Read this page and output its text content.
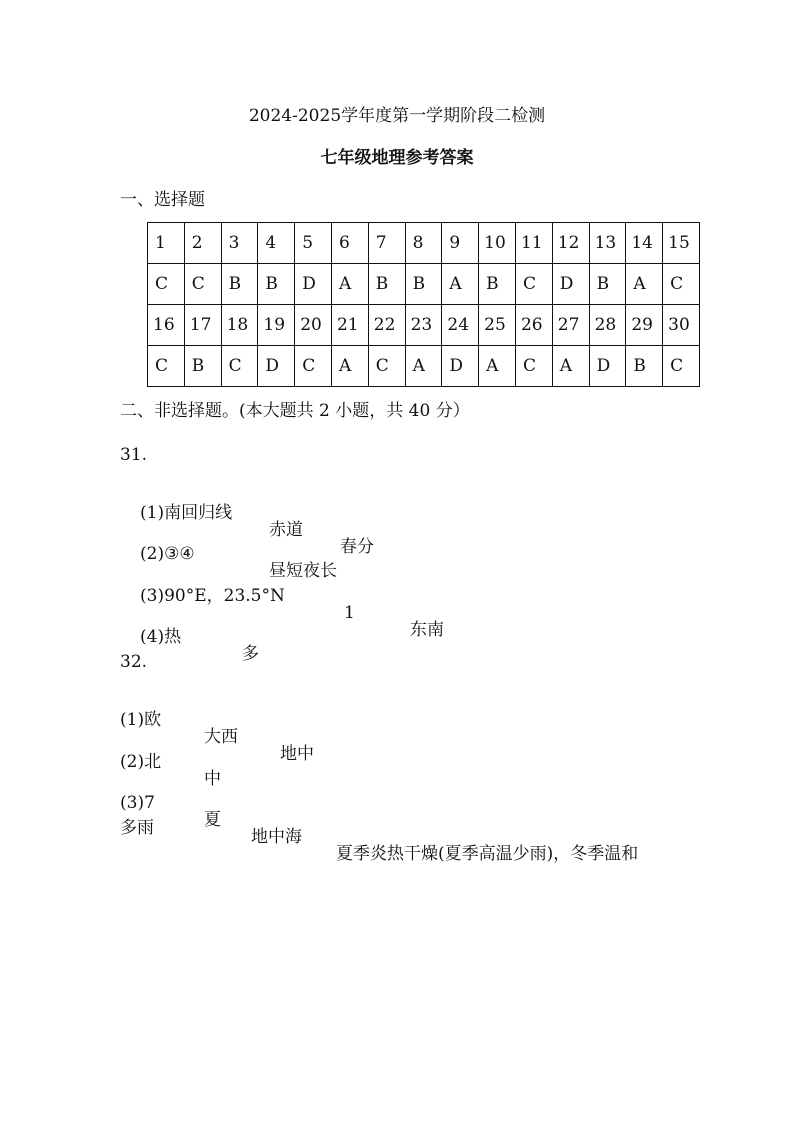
2024-2025学年度第一学期阶段二检测
七年级地理参考答案
一、选择题
1	2	3	4	5	6	7	8	9	10	11	12	13	14	15
C	C	B	B	D	A	B	B	A	B	C	D	B	A	C
16	17	18	19	20	21	22	23	24	25	26	27	28	29	30
C	B	C	D	C	A	C	A	D	A	C	A	D	B	C
二、非选择题。(本大题共 2 小题，共 40 分）
31.

(1)南回归线

赤道

春分

(2)③④

昼短夜长

(3)90°E，23.5°N

1

东南

(4)热

多

32.

(1)欧

大西

地中

(2)北

中

(3)7

夏

地中海

夏季炎热干燥(夏季高温少雨)，冬季温和

多雨
